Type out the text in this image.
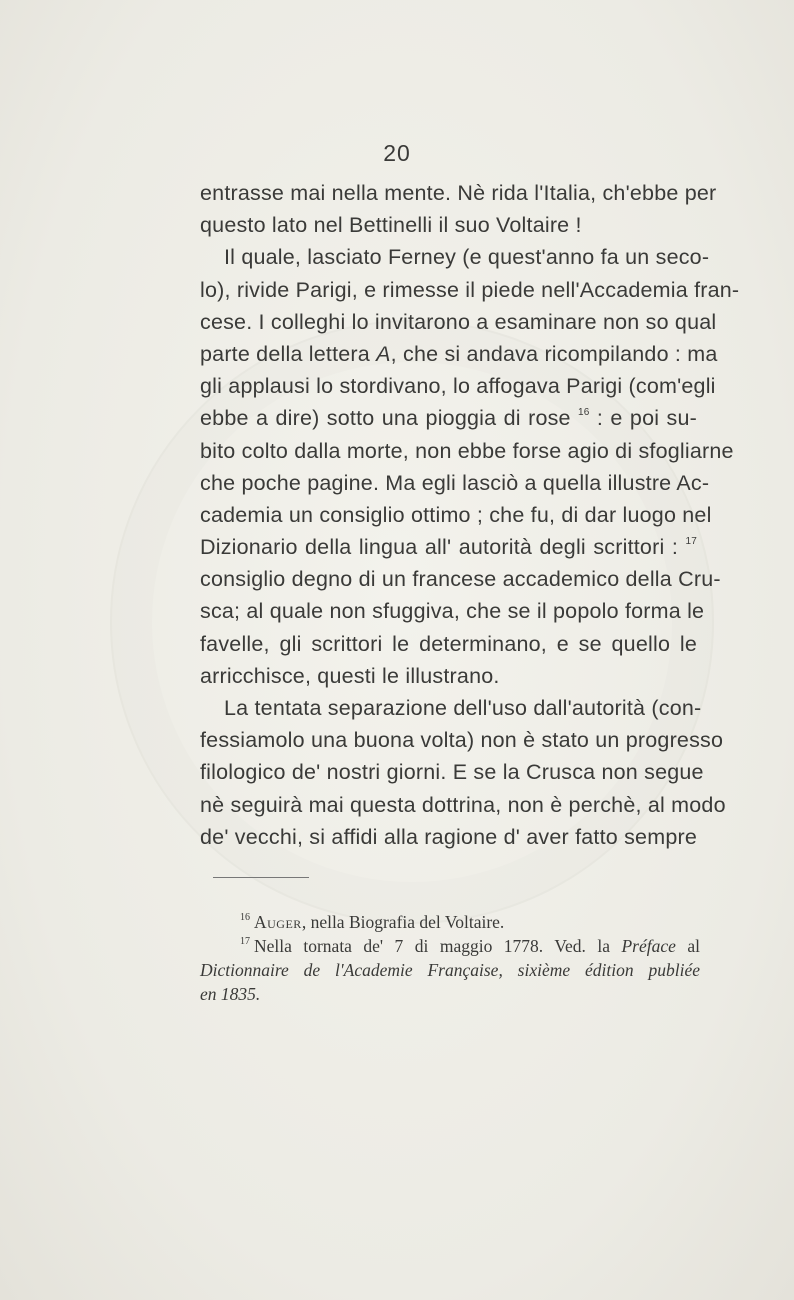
20
entrasse mai nella mente. Nè rida l'Italia, ch'ebbe per
questo lato nel Bettinelli il suo Voltaire !
Il quale, lasciato Ferney (e quest'anno fa un seco-
lo), rivide Parigi, e rimesse il piede nell'Accademia fran-
cese. I colleghi lo invitarono a esaminare non so qual
parte della lettera A, che si andava ricompilando : ma
gli applausi lo stordivano, lo affogava Parigi (com'egli
ebbe a dire) sotto una pioggia di rose $^{16}$ : e poi su-
bito colto dalla morte, non ebbe forse agio di sfogliarne
che poche pagine. Ma egli lasciò a quella illustre Ac-
cademia un consiglio ottimo ; che fu, di dar luogo nel
Dizionario della lingua all' autorità degli scrittori : $^{17}$
consiglio degno di un francese accademico della Cru-
sca; al quale non sfuggiva, che se il popolo forma le
favelle, gli scrittori le determinano, e se quello le
arricchisce, questi le illustrano.
La tentata separazione dell'uso dall'autorità (con-
fessiamolo una buona volta) non è stato un progresso
filologico de' nostri giorni. E se la Crusca non segue
nè seguirà mai questa dottrina, non è perchè, al modo
de' vecchi, si affidi alla ragione d' aver fatto sempre
$^{16}$ Auger, nella Biografia del Voltaire.
$^{17}$ Nella tornata de' 7 di maggio 1778. Ved. la Préface al
Dictionnaire de l'Academie Française, sixième édition publiée
en 1835.
